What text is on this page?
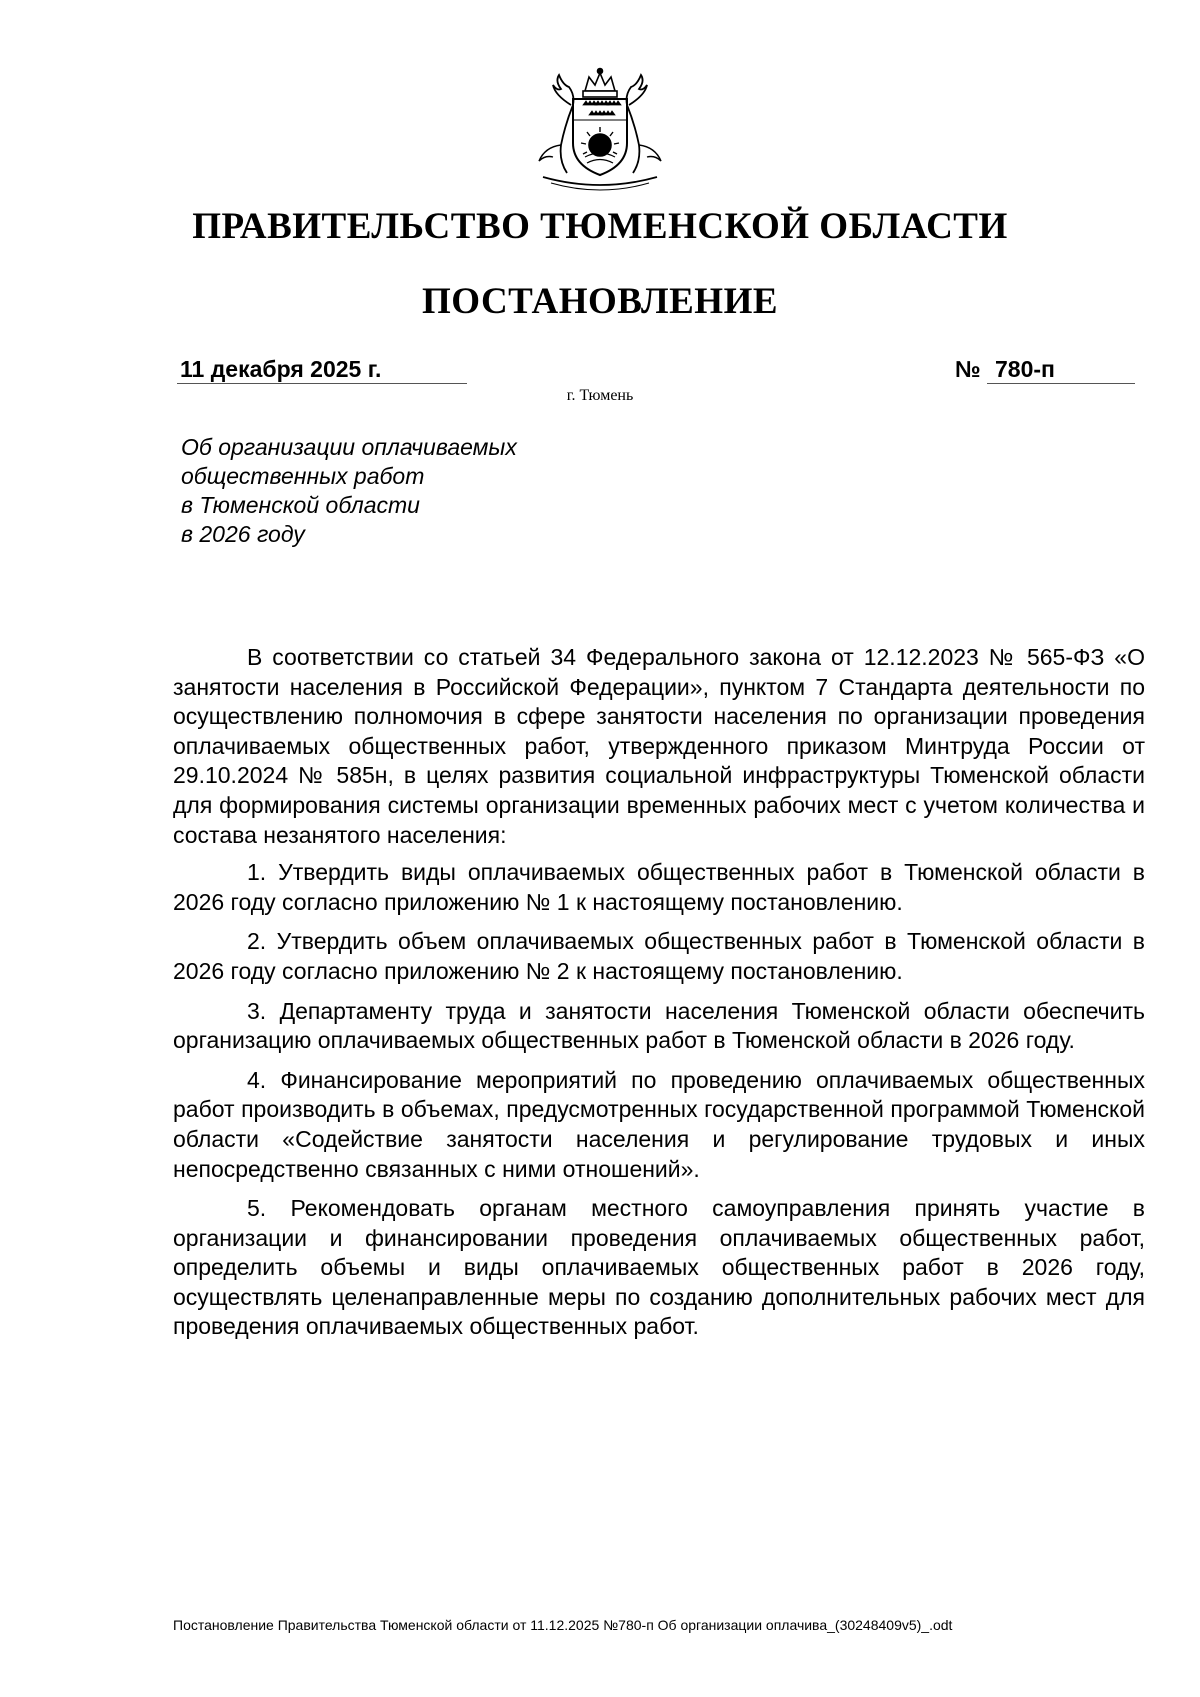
ПРАВИТЕЛЬСТВО ТЮМЕНСКОЙ ОБЛАСТИ
ПОСТАНОВЛЕНИЕ
11 декабря 2025 г.	№ 780-п
г. Тюмень
Об организации оплачиваемых
общественных работ
в Тюменской области
в 2026 году

В соответствии со статьей 34 Федерального закона от 12.12.2023 № 565-ФЗ «О занятости населения в Российской Федерации», пунктом 7 Стандарта деятельности по осуществлению полномочия в сфере занятости населения по организации проведения оплачиваемых общественных работ, утвержденного приказом Минтруда России от 29.10.2024 № 585н, в целях развития социальной инфраструктуры Тюменской области для формирования системы организации временных рабочих мест с учетом количества и состава незанятого населения:

1. Утвердить виды оплачиваемых общественных работ в Тюменской области в 2026 году согласно приложению № 1 к настоящему постановлению.

2. Утвердить объем оплачиваемых общественных работ в Тюменской области в 2026 году согласно приложению № 2 к настоящему постановлению.

3. Департаменту труда и занятости населения Тюменской области обеспечить организацию оплачиваемых общественных работ в Тюменской области в 2026 году.

4. Финансирование мероприятий по проведению оплачиваемых общественных работ производить в объемах, предусмотренных государственной программой Тюменской области «Содействие занятости населения и регулирование трудовых и иных непосредственно связанных с ними отношений».

5. Рекомендовать органам местного самоуправления принять участие в организации и финансировании проведения оплачиваемых общественных работ, определить объемы и виды оплачиваемых общественных работ в 2026 году, осуществлять целенаправленные меры по созданию дополнительных рабочих мест для проведения оплачиваемых общественных работ.

Постановление Правительства Тюменской области от 11.12.2025 №780-п Об организации оплачива_(30248409v5)_.odt
